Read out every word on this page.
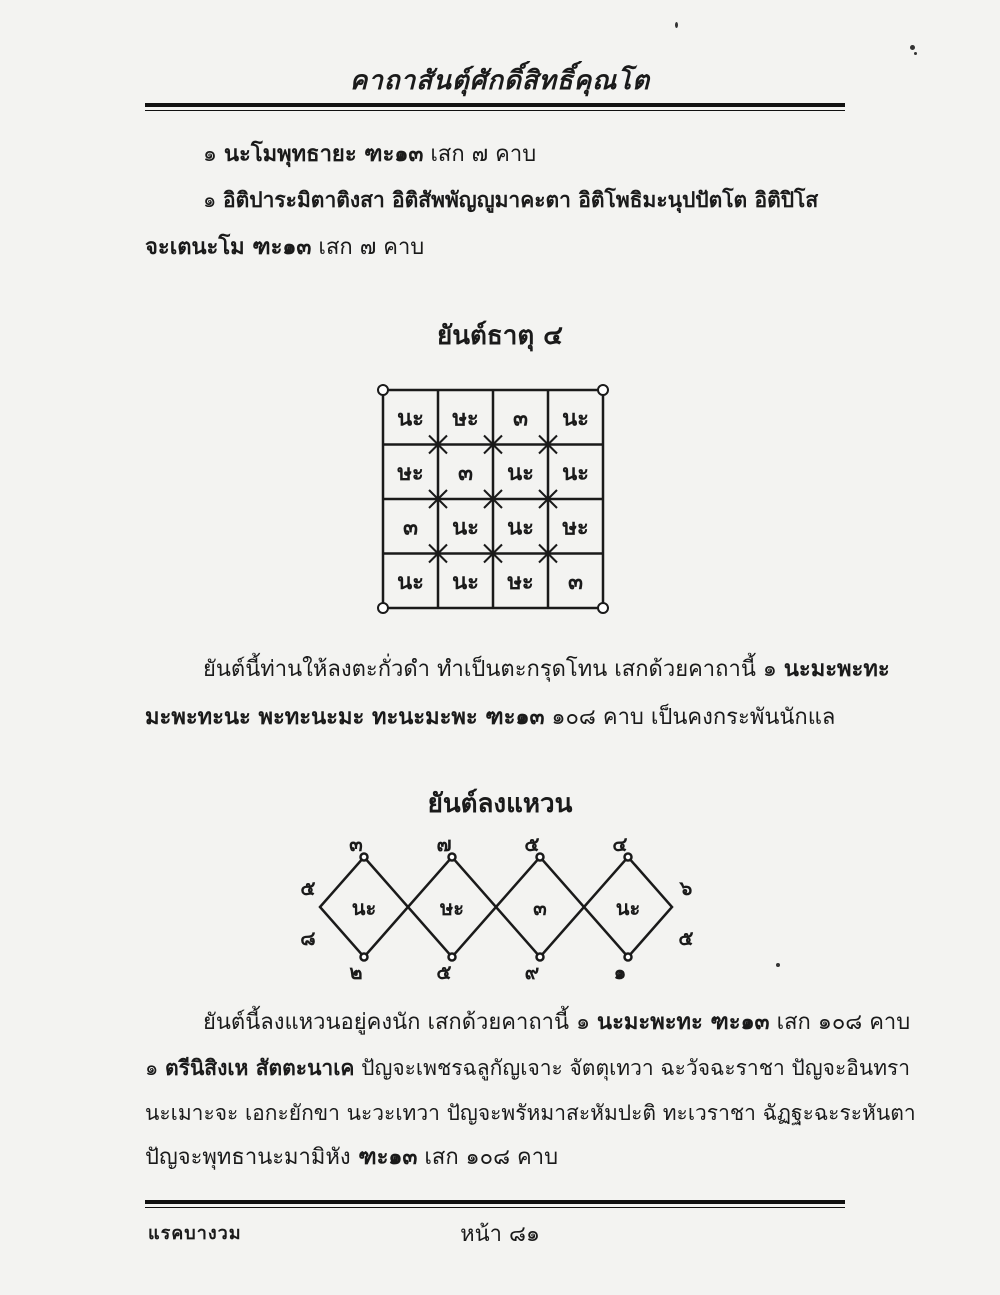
คาถาสันตุ์ศักดิ์สิทธิ์คุณโต
๑ นะโมพุทธายะ ฑะ๑๓ เสก ๗ คาบ
๑ อิติปาระมิตาติงสา อิติสัพพัญญูมาคะตา อิติโพธิมะนุปปัตโต อิติปิโส
จะเตนะโม ฑะ๑๓ เสก ๗ คาบ
ยันต์ธาตุ ๔
นะ ษะ ๓ นะ
ษะ ๓ นะ นะ
๓ นะ นะ ษะ
นะ นะ ษะ ๓
ยันต์นี้ท่านให้ลงตะกั่วดำ ทำเป็นตะกรุดโทน เสกด้วยคาถานี้ ๑ นะมะพะทะ
มะพะทะนะ พะทะนะมะ ทะนะมะพะ ฑะ๑๓ ๑๐๘ คาบ เป็นคงกระพันนักแล
ยันต์ลงแหวน
นะ
๓
๒
ษะ
๗
๕
๓
๕
๙
นะ
๔
๑
๕
๘
๖
๕
ยันต์นี้ลงแหวนอยู่คงนัก เสกด้วยคาถานี้ ๑ นะมะพะทะ ฑะ๑๓ เสก ๑๐๘ คาบ
๑ ตรีนิสิงเห สัตตะนาเค ปัญจะเพชรฉลูกัญเจาะ จัตตุเทวา ฉะวัจฉะราชา ปัญจะอินทรา
นะเมาะจะ เอกะยักขา นะวะเทวา ปัญจะพรัหมาสะหัมปะติ ทะเวราชา ฉัฏฐะฉะระหันตา
ปัญจะพุทธานะมามิหัง ฑะ๑๓ เสก ๑๐๘ คาบ
แรคบางวม	หน้า ๘๑
